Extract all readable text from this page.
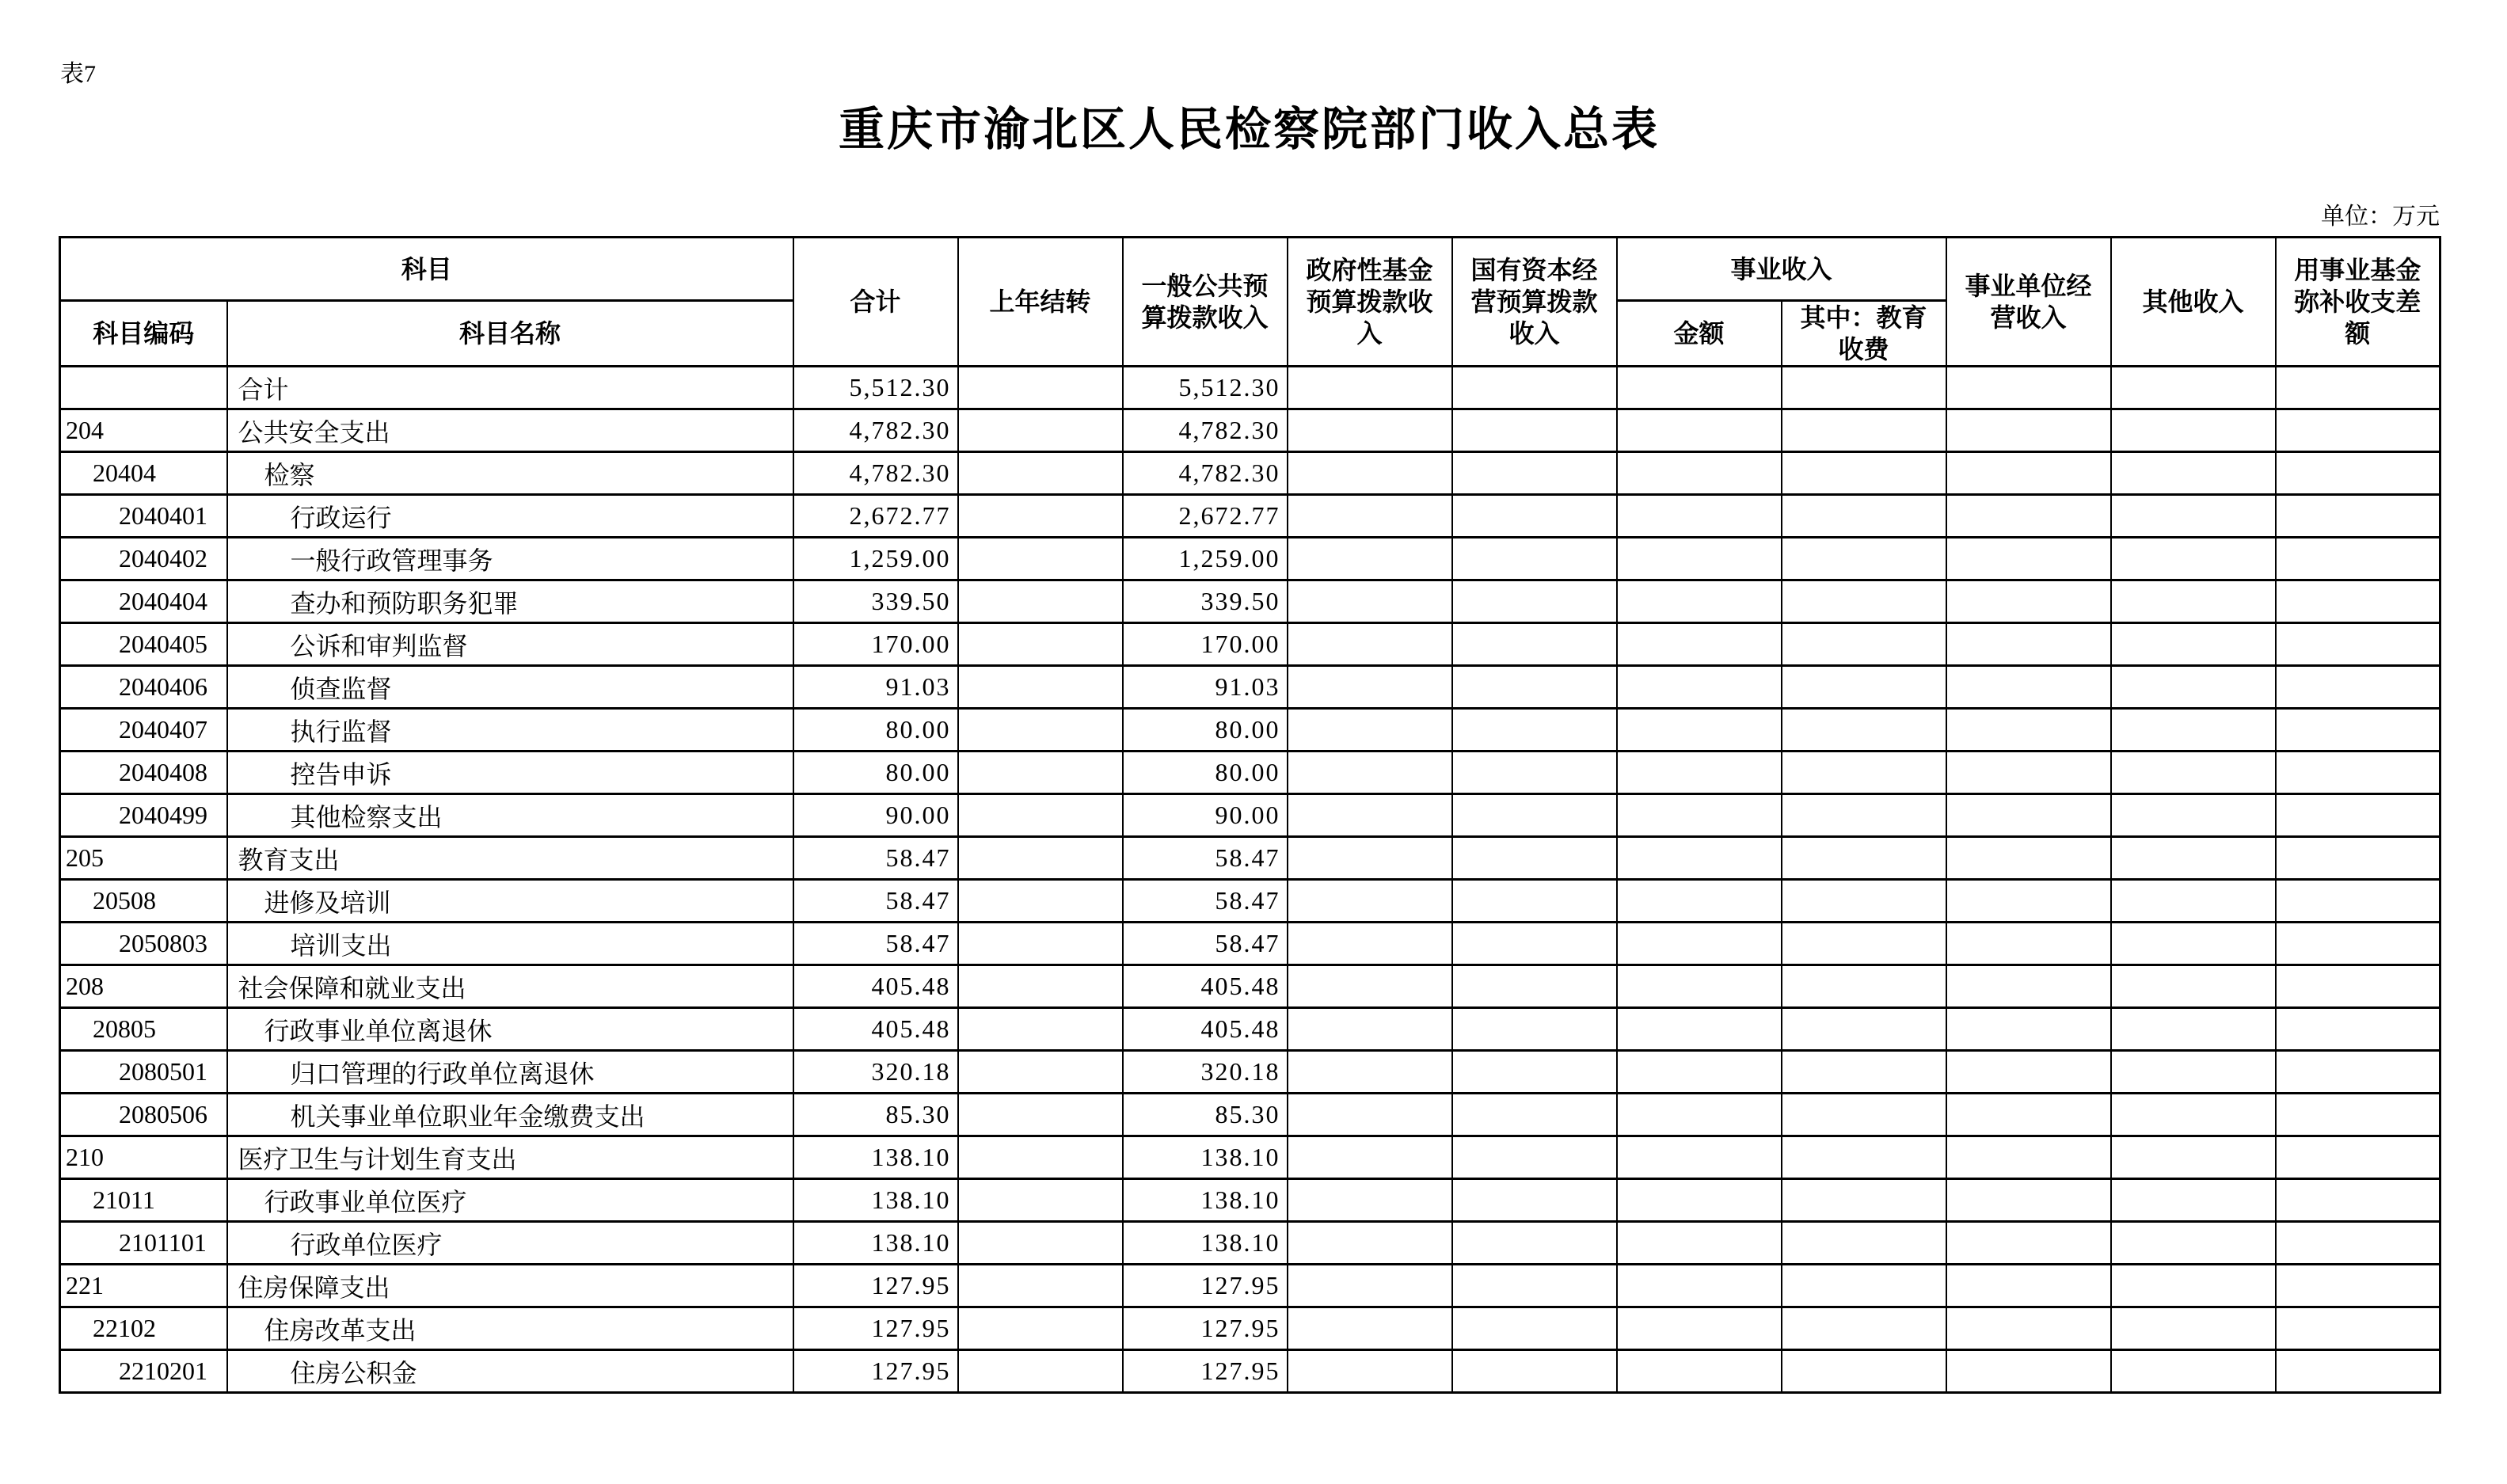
表7
重庆市渝北区人民检察院部门收入总表
单位：万元
科目		合计	上年结转	一般公共预算拨款收入	政府性基金预算拨款收入	国有资本经营预算拨款收入	事业收入		事业单位经营收入	其他收入	用事业基金弥补收支差额
科目编码	科目名称						金额	其中：教育收费			
	合计	5,512.30		5,512.30							
204	公共安全支出	4,782.30		4,782.30							
20404	检察	4,782.30		4,782.30							
2040401	行政运行	2,672.77		2,672.77							
2040402	一般行政管理事务	1,259.00		1,259.00							
2040404	查办和预防职务犯罪	339.50		339.50							
2040405	公诉和审判监督	170.00		170.00							
2040406	侦查监督	91.03		91.03							
2040407	执行监督	80.00		80.00							
2040408	控告申诉	80.00		80.00							
2040499	其他检察支出	90.00		90.00							
205	教育支出	58.47		58.47							
20508	进修及培训	58.47		58.47							
2050803	培训支出	58.47		58.47							
208	社会保障和就业支出	405.48		405.48							
20805	行政事业单位离退休	405.48		405.48							
2080501	归口管理的行政单位离退休	320.18		320.18							
2080506	机关事业单位职业年金缴费支出	85.30		85.30							
210	医疗卫生与计划生育支出	138.10		138.10							
21011	行政事业单位医疗	138.10		138.10							
2101101	行政单位医疗	138.10		138.10							
221	住房保障支出	127.95		127.95							
22102	住房改革支出	127.95		127.95							
2210201	住房公积金	127.95		127.95							
